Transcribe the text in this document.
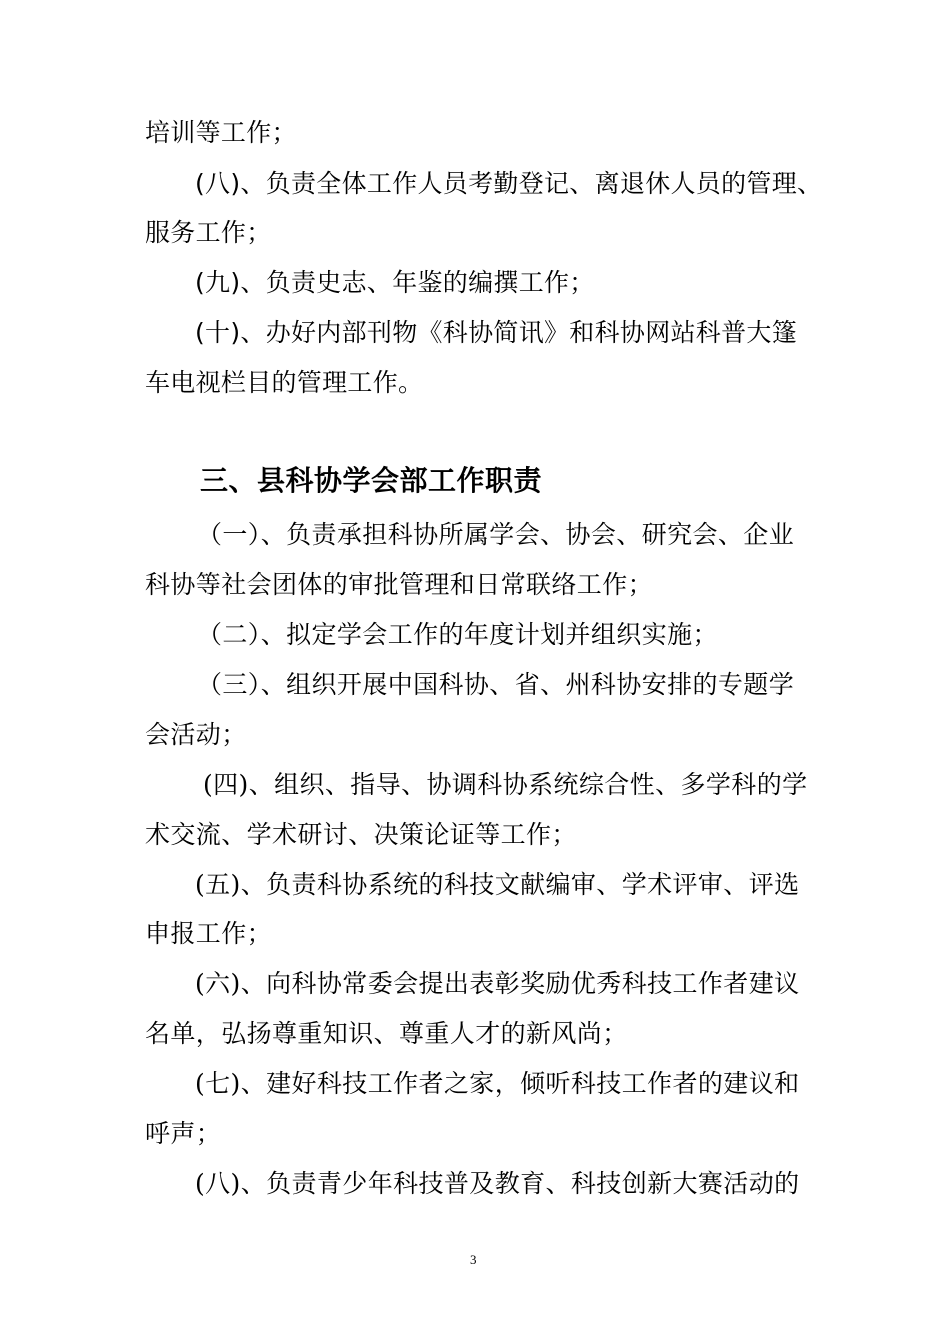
培训等工作；
(八)、负责全体工作人员考勤登记、离退休人员的管理、
服务工作；
(九)、负责史志、年鉴的编撰工作；
(十)、办好内部刊物《科协简讯》和科协网站科普大篷
车电视栏目的管理工作。
三、县科协学会部工作职责
（一）、负责承担科协所属学会、协会、研究会、企业
科协等社会团体的审批管理和日常联络工作；
（二）、拟定学会工作的年度计划并组织实施；
（三）、组织开展中国科协、省、州科协安排的专题学
会活动；
(四)、组织、指导、协调科协系统综合性、多学科的学
术交流、学术研讨、决策论证等工作；
(五)、负责科协系统的科技文献编审、学术评审、评选
申报工作；
(六)、向科协常委会提出表彰奖励优秀科技工作者建议
名单，弘扬尊重知识、尊重人才的新风尚；
(七)、建好科技工作者之家，倾听科技工作者的建议和
呼声；
(八)、负责青少年科技普及教育、科技创新大赛活动的
3
